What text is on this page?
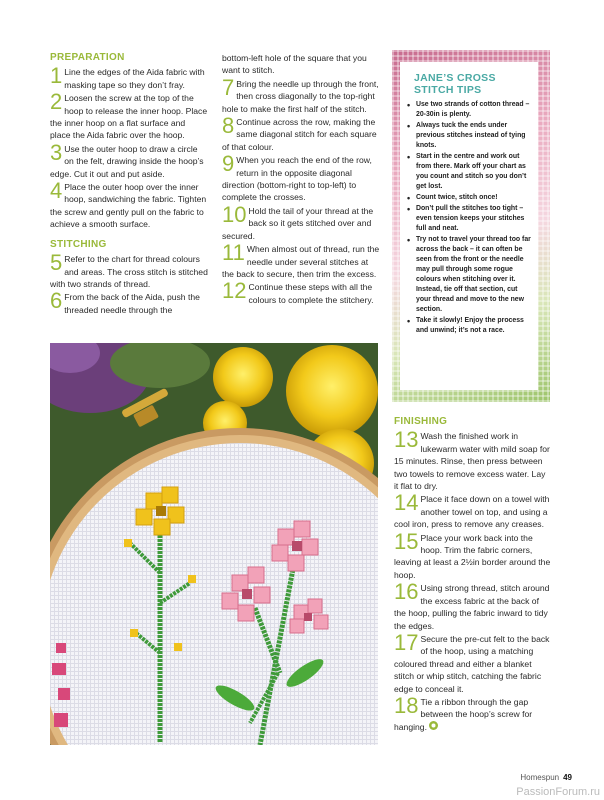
PREPARATION
1 Line the edges of the Aida fabric with masking tape so they don’t fray.

2 Loosen the screw at the top of the hoop to release the inner hoop. Place the inner hoop on a flat surface and place the Aida fabric over the hoop.

3 Use the outer hoop to draw a circle on the felt, drawing inside the hoop’s edge. Cut it out and put aside.

4 Place the outer hoop over the inner hoop, sandwiching the fabric. Tighten the screw and gently pull on the fabric to achieve a smooth surface.

STITCHING
5 Refer to the chart for thread colours and areas. The cross stitch is stitched with two strands of thread.

6 From the back of the Aida, push the threaded needle through the

bottom-left hole of the square that you want to stitch.

7 Bring the needle up through the front, then cross diagonally to the top-right hole to make the first half of the stitch.

8 Continue across the row, making the same diagonal stitch for each square of that colour.

9 When you reach the end of the row, return in the opposite diagonal direction (bottom-right to top-left) to complete the crosses.

10 Hold the tail of your thread at the back so it gets stitched over and secured.

11 When almost out of thread, run the needle under several stitches at the back to secure, then trim the excess.

12 Continue these steps with all the colours to complete the stitchery.

JANE’S CROSS
STITCH TIPS
• Use two strands of cotton thread – 20-30in is plenty.
• Always tuck the ends under previous stitches instead of tying knots.
• Start in the centre and work out from there. Mark off your chart as you count and stitch so you don’t get lost.
• Count twice, stitch once!
• Don’t pull the stitches too tight – even tension keeps your stitches full and neat.
• Try not to travel your thread too far across the back – it can often be seen from the front or the needle may pull through some rogue colours when stitching over it. Instead, tie off that section, cut your thread and move to the new section.
• Take it slowly! Enjoy the process and unwind; it’s not a race.
FINISHING
13 Wash the finished work in lukewarm water with mild soap for 15 minutes. Rinse, then press between two towels to remove excess water. Lay it flat to dry.

14 Place it face down on a towel with another towel on top, and using a cool iron, press to remove any creases.

15 Place your work back into the hoop. Trim the fabric corners, leaving at least a 2½in border around the hoop.

16 Using strong thread, stitch around the excess fabric at the back of the hoop, pulling the fabric inward to tidy the edges.

17 Secure the pre-cut felt to the back of the hoop, using a matching coloured thread and either a blanket stitch or whip stitch, catching the fabric edge to conceal it.

18 Tie a ribbon through the gap between the hoop’s screw for hanging.

Homespun 49
PassionForum.ru
